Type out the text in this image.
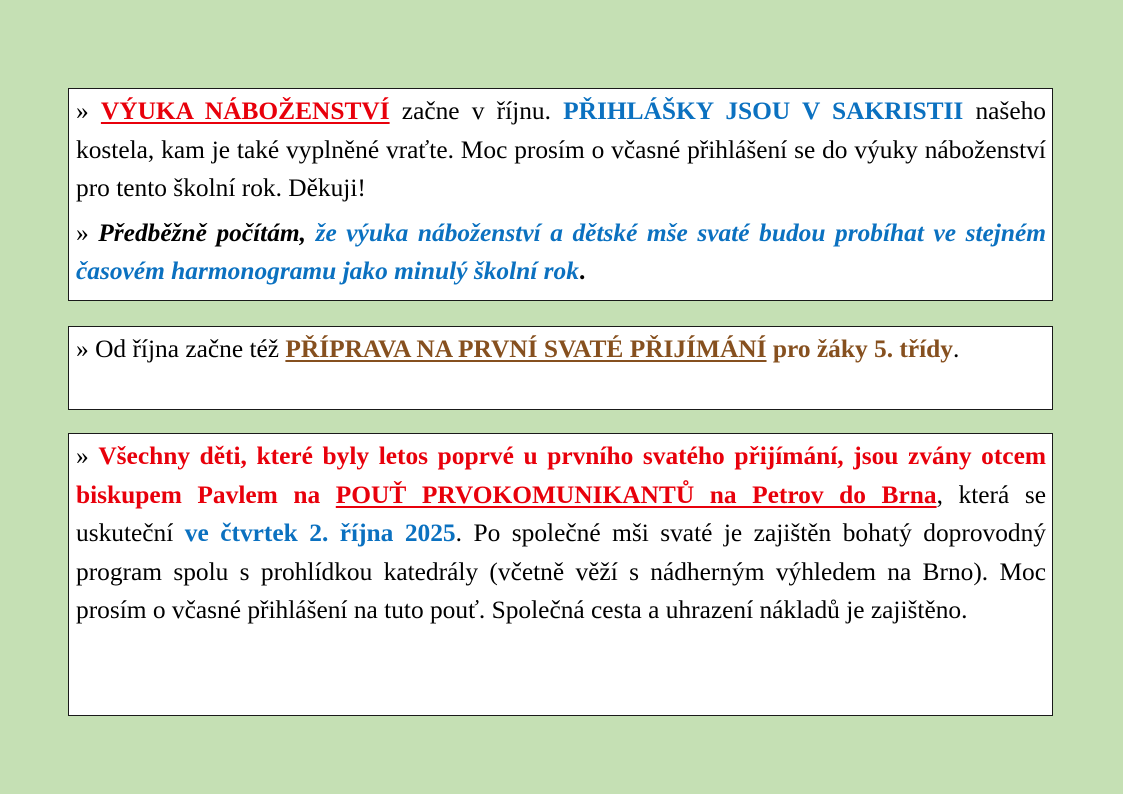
» VÝUKA NÁBOŽENSTVÍ začne v říjnu. PŘIHLÁŠKY JSOU V SAKRISTII našeho kostela, kam je také vyplněné vraťte. Moc prosím o včasné přihlášení se do výuky náboženství pro tento školní rok. Děkuji!

» Předběžně počítám, že výuka náboženství a dětské mše svaté budou probíhat ve stejném časovém harmonogramu jako minulý školní rok.

» Od října začne též PŘÍPRAVA NA PRVNÍ SVATÉ PŘIJÍMÁNÍ pro žáky 5. třídy.

» Všechny děti, které byly letos poprvé u prvního svatého přijímání, jsou zvány otcem biskupem Pavlem na POUŤ PRVOKOMUNIKANTŮ na Petrov do Brna, která se uskuteční ve čtvrtek 2. října 2025. Po společné mši svaté je zajištěn bohatý doprovodný program spolu s prohlídkou katedrály (včetně věží s nádherným výhledem na Brno). Moc prosím o včasné přihlášení na tuto pouť. Společná cesta a uhrazení nákladů je zajištěno.
